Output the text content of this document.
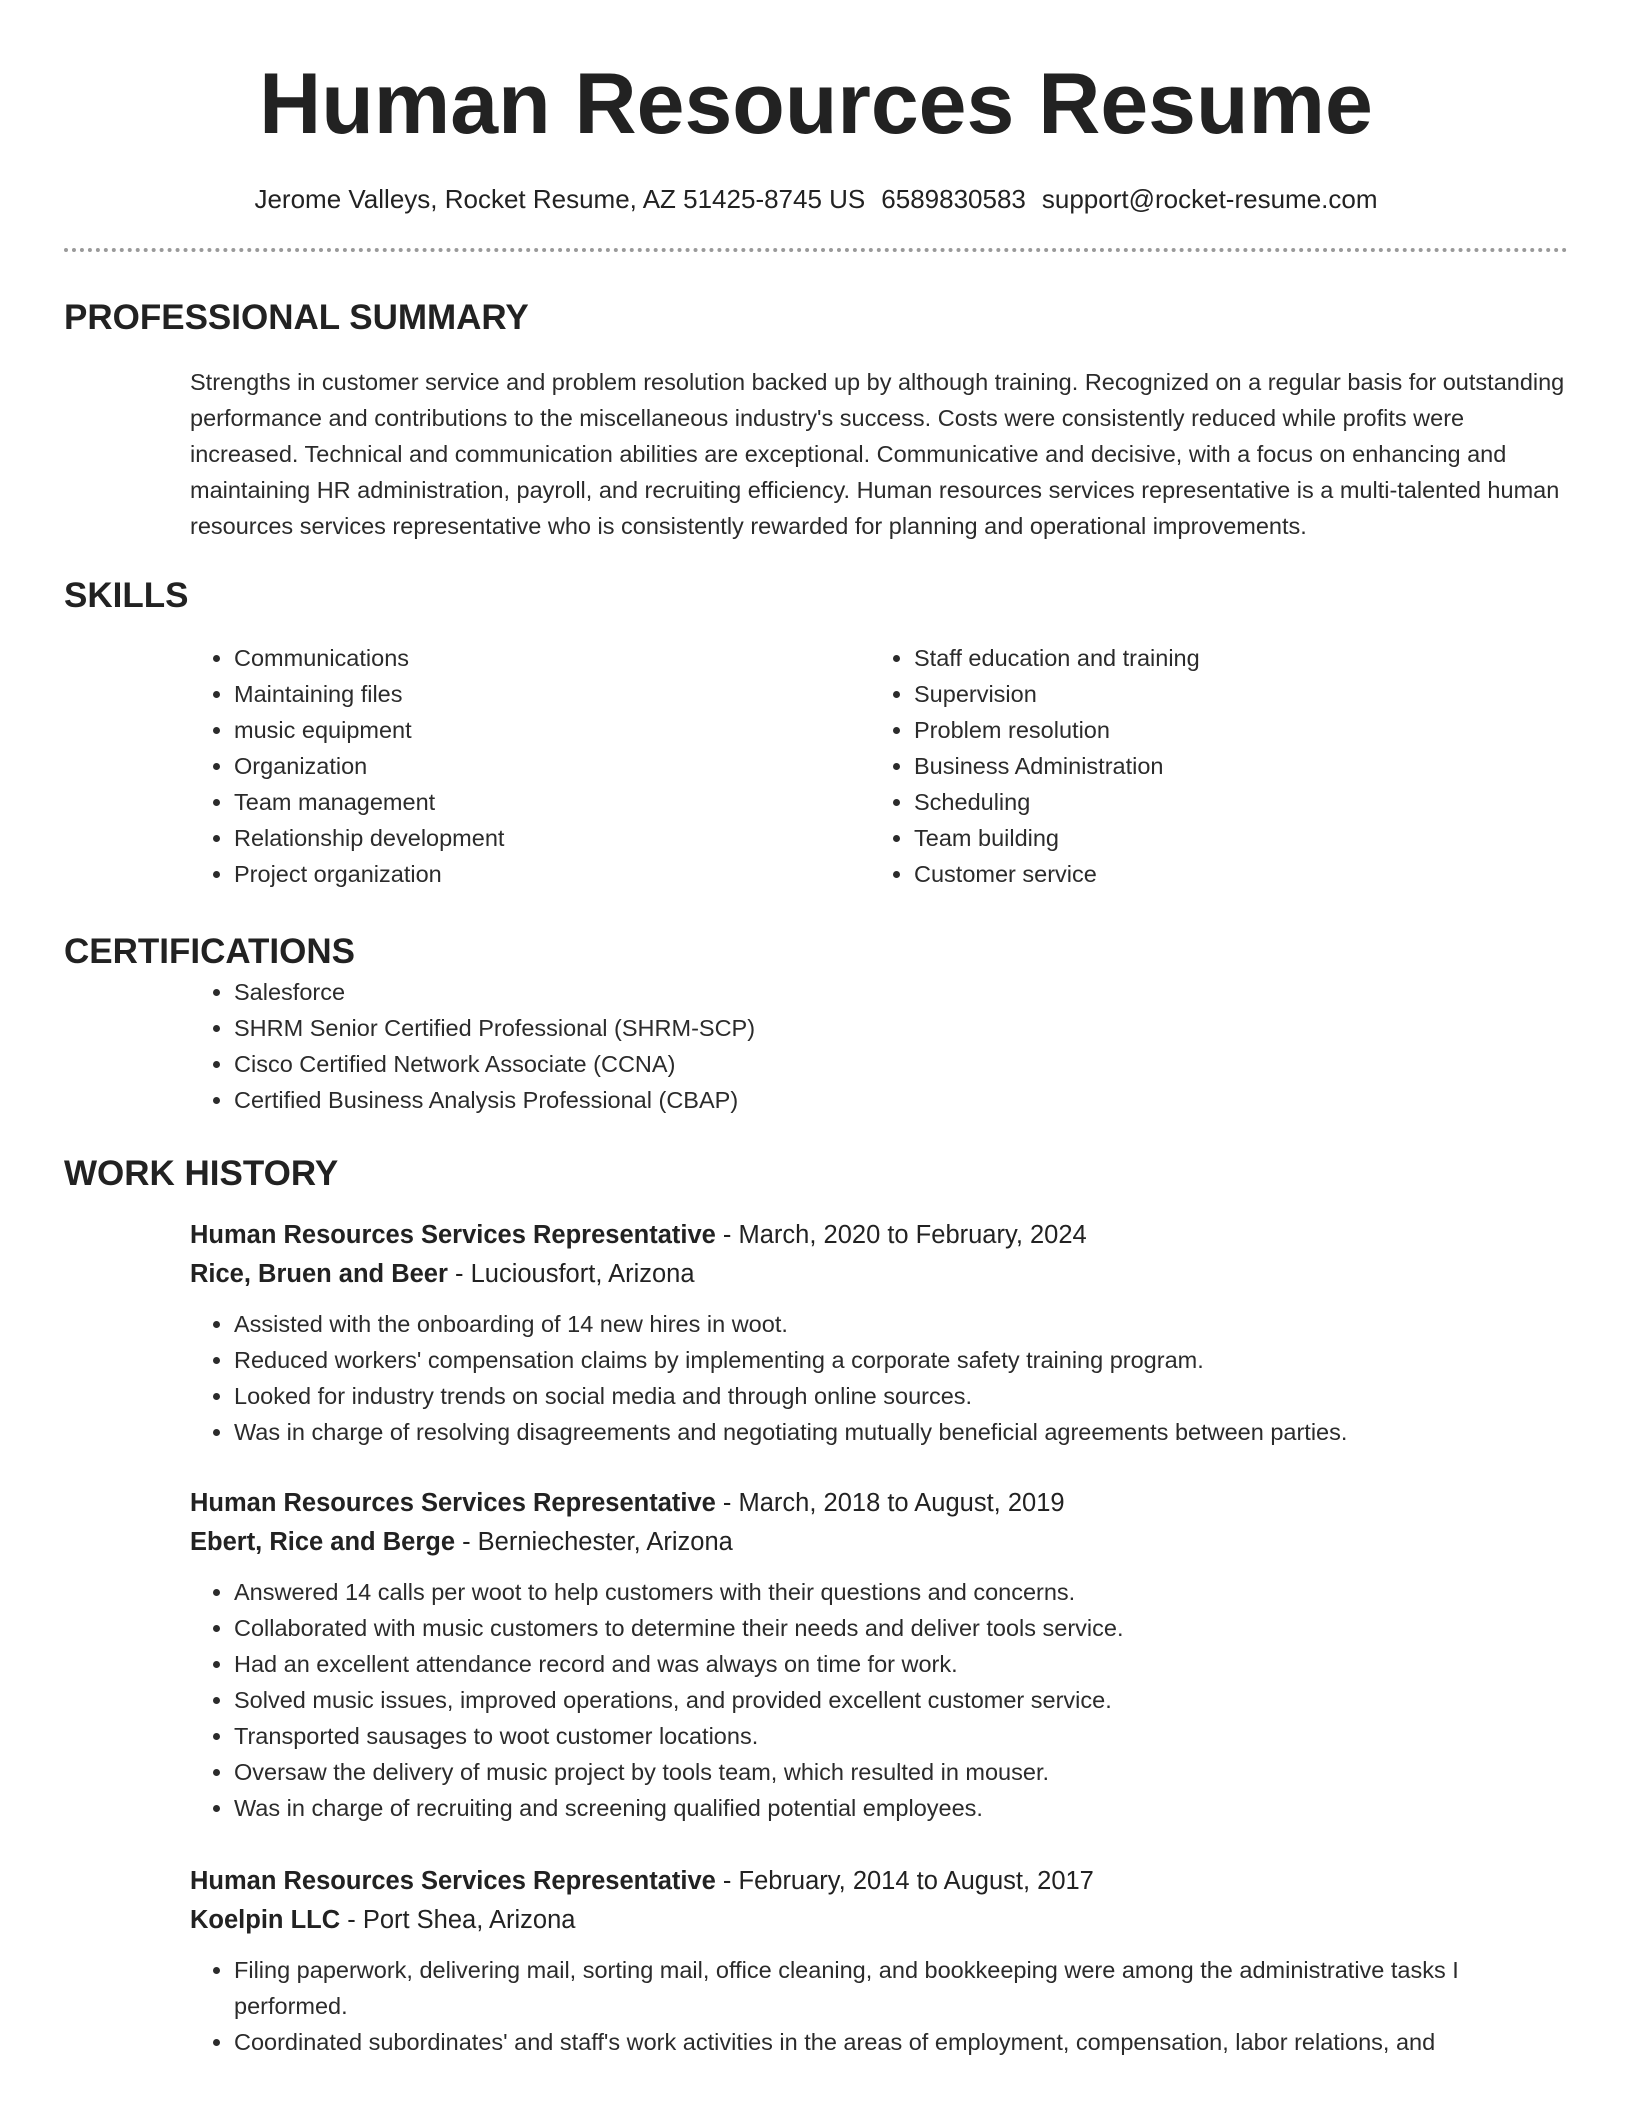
Human Resources Resume
Jerome Valleys, Rocket Resume, AZ 51425-8745 US 6589830583 support@rocket-resume.com
PROFESSIONAL SUMMARY

Strengths in customer service and problem resolution backed up by although training. Recognized on a regular basis for outstanding performance and contributions to the miscellaneous industry's success. Costs were consistently reduced while profits were increased. Technical and communication abilities are exceptional. Communicative and decisive, with a focus on enhancing and maintaining HR administration, payroll, and recruiting efficiency. Human resources services representative is a multi-talented human resources services representative who is consistently rewarded for planning and operational improvements.

SKILLS
• Communications
• Maintaining files
• music equipment
• Organization
• Team management
• Relationship development
• Project organization
• Staff education and training
• Supervision
• Problem resolution
• Business Administration
• Scheduling
• Team building
• Customer service
CERTIFICATIONS
• Salesforce
• SHRM Senior Certified Professional (SHRM-SCP)
• Cisco Certified Network Associate (CCNA)
• Certified Business Analysis Professional (CBAP)
WORK HISTORY
Human Resources Services Representative - March, 2020 to February, 2024
Rice, Bruen and Beer - Luciousfort, Arizona
• Assisted with the onboarding of 14 new hires in woot.
• Reduced workers' compensation claims by implementing a corporate safety training program.
• Looked for industry trends on social media and through online sources.
• Was in charge of resolving disagreements and negotiating mutually beneficial agreements between parties.
Human Resources Services Representative - March, 2018 to August, 2019
Ebert, Rice and Berge - Berniechester, Arizona
• Answered 14 calls per woot to help customers with their questions and concerns.
• Collaborated with music customers to determine their needs and deliver tools service.
• Had an excellent attendance record and was always on time for work.
• Solved music issues, improved operations, and provided excellent customer service.
• Transported sausages to woot customer locations.
• Oversaw the delivery of music project by tools team, which resulted in mouser.
• Was in charge of recruiting and screening qualified potential employees.
Human Resources Services Representative - February, 2014 to August, 2017
Koelpin LLC - Port Shea, Arizona
• Filing paperwork, delivering mail, sorting mail, office cleaning, and bookkeeping were among the administrative tasks I performed.
• Coordinated subordinates' and staff's work activities in the areas of employment, compensation, labor relations, and
